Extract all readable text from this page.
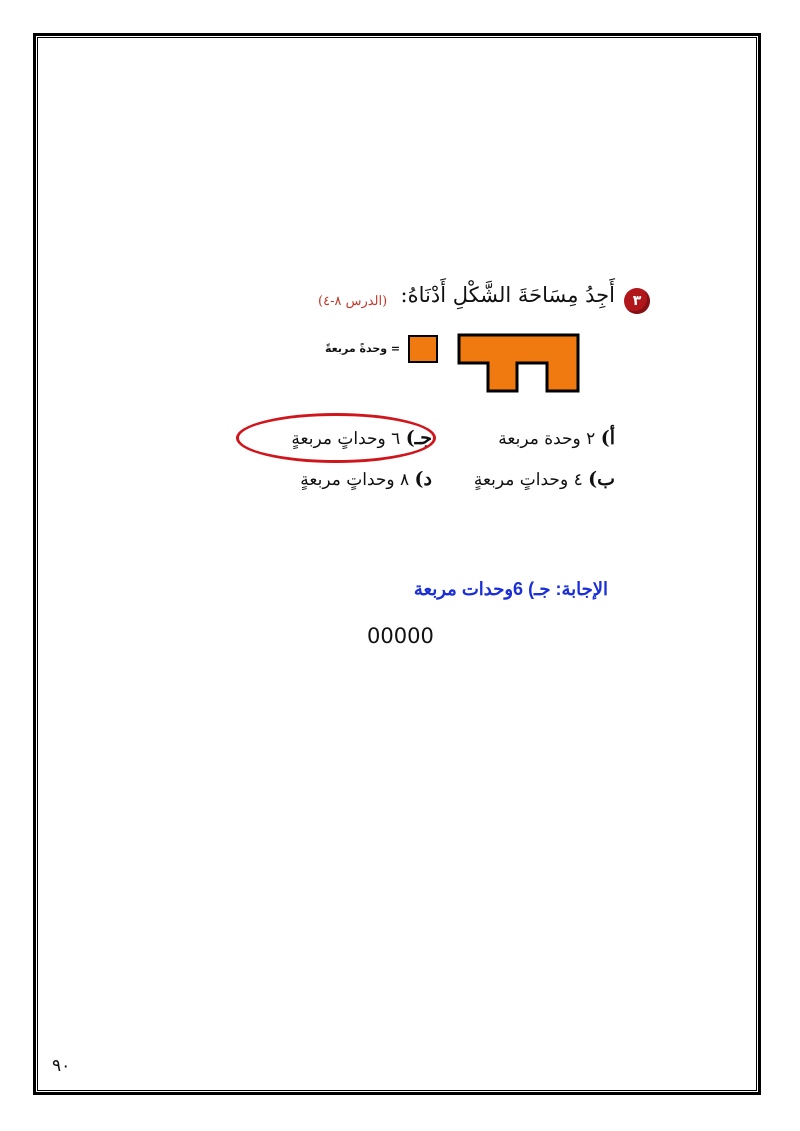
٣
أَجِدُ مِسَاحَةَ الشَّكْلِ أَدْنَاهُ:
(الدرس ٨-٤)
= وحدةً مربعةً
أ) ٢ وحدة مربعة
جـ) ٦ وحداتٍ مربعةٍ
ب) ٤ وحداتٍ مربعةٍ
د) ٨ وحداتٍ مربعةٍ
الإجابة: جـ) 6وحدات مربعة
00000
٩٠
